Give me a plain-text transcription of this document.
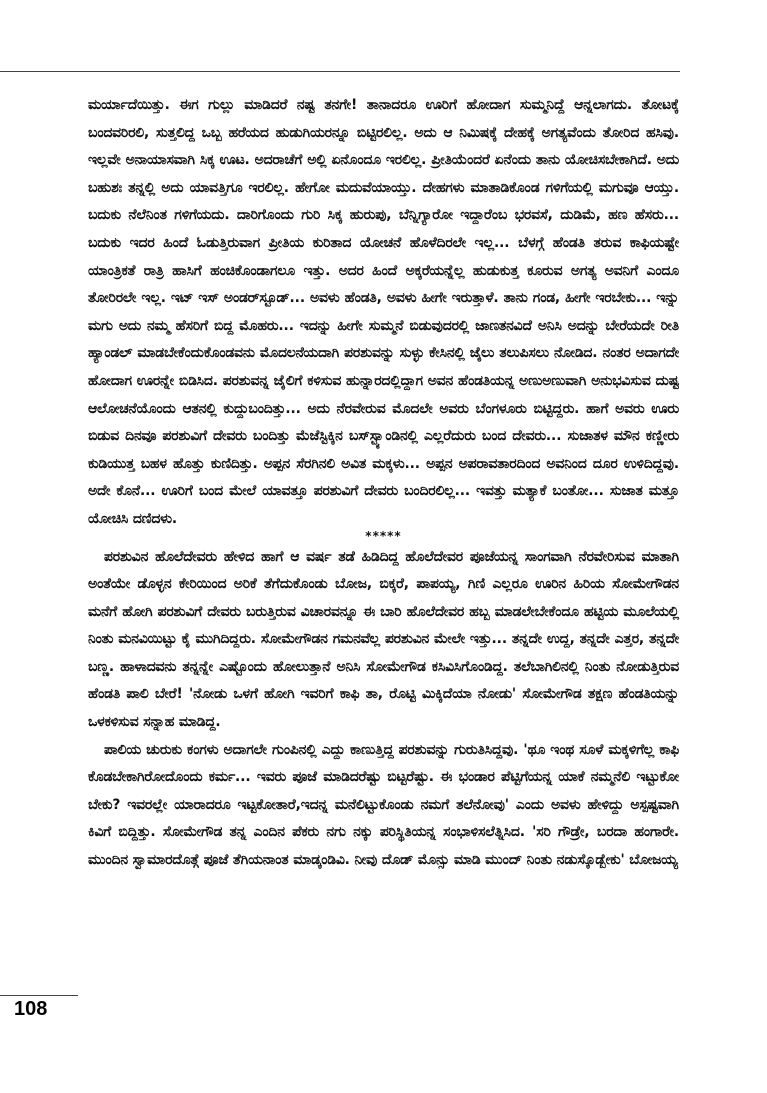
ಮರ್ಯಾದೆಯಿತ್ತು. ಈಗ ಗುಲ್ಲು ಮಾಡಿದರೆ ನಷ್ಟ ತನಗೇ! ತಾನಾದರೂ ಊರಿಗೆ ಹೋದಾಗ ಸುಮ್ಮನಿದ್ದೆ ಆನ್ನಲಾಗದು. ತೋಟಕ್ಕೆ ಬಂದವರಿರಲಿ, ಸುತ್ತಲಿದ್ದ ಒಬ್ಬ ಹರೆಯದ ಹುಡುಗಿಯರನ್ನೂ ಬಿಟ್ಟಿರಲಿಲ್ಲ. ಅದು ಆ ನಿಮಿಷಕ್ಕೆ ದೇಹಕ್ಕೆ ಅಗತ್ಯವೆಂದು ತೋರಿದ ಹಸಿವು. ಇಲ್ಲವೇ ಅನಾಯಾಸವಾಗಿ ಸಿಕ್ಕ ಊಟ. ಅದರಾಚೆಗೆ ಅಲ್ಲಿ ಏನೊಂದೂ ಇರಲಿಲ್ಲ. ಪ್ರೀತಿಯೆಂದರೆ ಏನೆಂದು ತಾನು ಯೋಚಿಸಬೇಕಾಗಿದೆ. ಅದು ಬಹುಶಃ ತನ್ನಲ್ಲಿ ಅದು ಯಾವತ್ತಿಗೂ ಇರಲಿಲ್ಲ. ಹೇಗೋ ಮದುವೆಯಾಯ್ತು. ದೇಹಗಳು ಮಾತಾಡಿಕೊಂಡ ಗಳಿಗೆಯಲ್ಲಿ ಮಗುವೂ ಆಯ್ತು. ಬದುಕು ನೆಲೆನಿಂತ ಗಳಿಗೆಯದು. ದಾರಿಗೊಂದು ಗುರಿ ಸಿಕ್ಕ ಹುರುಪು, ಬೆನ್ನಿಗ್ಯಾರೋ ಇದ್ದಾರೆಂಬ ಭರವಸೆ, ದುಡಿಮೆ, ಹಣ ಹೆಸರು... ಬದುಕು ಇದರ ಹಿಂದೆ ಓಡುತ್ತಿರುವಾಗ ಪ್ರೀತಿಯ ಕುರಿತಾದ ಯೋಚನೆ ಹೊಳೆದಿರಲೇ ಇಲ್ಲ... ಬೆಳಗ್ಗೆ ಹೆಂಡತಿ ತರುವ ಕಾಫಿಯಷ್ಟೇ ಯಾಂತ್ರಿಕತೆ ರಾತ್ರಿ ಹಾಸಿಗೆ ಹಂಚಿಕೊಂಡಾಗಲೂ ಇತ್ತು. ಅದರ ಹಿಂದೆ ಅಕ್ಕರೆಯನ್ನೆಲ್ಲ ಹುಡುಕುತ್ತ ಕೂರುವ ಅಗತ್ಯ ಅವನಿಗೆ ಎಂದೂ ತೋರಿರಲೇ ಇಲ್ಲ. ಇಟ್ ಇಸ್ ಅಂಡರ್‌ಸ್ಟೂಡ್... ಅವಳು ಹೆಂಡತಿ, ಅವಳು ಹೀಗೇ ಇರುತ್ತಾಳೆ. ತಾನು ಗಂಡ, ಹೀಗೇ ಇರಬೇಕು... ಇನ್ನು ಮಗು ಅದು ನಮ್ಮ ಹೆಸರಿಗೆ ಬಿದ್ದ ಮೊಹರು... ಇದನ್ನು ಹೀಗೇ ಸುಮ್ಮನೆ ಬಿಡುವುದರಲ್ಲಿ ಜಾಣತನವಿದೆ ಅನಿಸಿ ಅದನ್ನು ಬೇರೆಯದೇ ರೀತಿ ಹ್ಯಾಂಡಲ್ ಮಾಡಬೇಕೆಂದುಕೊಂಡವನು ಮೊದಲನೆಯದಾಗಿ ಪರಶುವನ್ನು ಸುಳ್ಳು ಕೇಸಿನಲ್ಲಿ ಜೈಲು ತಲುಪಿಸಲು ನೋಡಿದ. ನಂತರ ಅದಾಗದೇ ಹೋದಾಗ ಊರನ್ನೇ ಬಿಡಿಸಿದ. ಪರಶುವನ್ನ ಜೈಲಿಗೆ ಕಳಿಸುವ ಹುನ್ನಾರದಲ್ಲಿದ್ದಾಗ ಅವನ ಹೆಂಡತಿಯನ್ನ ಅಣುಅಣುವಾಗಿ ಅನುಭವಿಸುವ ದುಷ್ಟ ಆಲೋಚನೆಯೊಂದು ಆತನಲ್ಲಿ ಕುದ್ದುಬಂದಿತ್ತು... ಅದು ನೆರವೇರುವ ಮೊದಲೇ ಅವರು ಬೆಂಗಳೂರು ಬಿಟ್ಟಿದ್ದರು. ಹಾಗೆ ಅವರು ಊರು ಬಿಡುವ ದಿನವೂ ಪರಶುವಿಗೆ ದೇವರು ಬಂದಿತ್ತು ಮೆಜೆಸ್ಟಿಕ್ಕಿನ ಬಸ್‌ಸ್ಟ್ಯಾಂಡಿನಲ್ಲಿ ಎಲ್ಲರೆದುರು ಬಂದ ದೇವರು... ಸುಜಾತಳ ಮೌನ ಕಣ್ಣೀರು ಕುಡಿಯುತ್ತ ಬಹಳ ಹೊತ್ತು ಕುಣಿದಿತ್ತು. ಅಪ್ಪನ ಸೆರಗಿನಲಿ ಅವಿತ ಮಕ್ಕಳು... ಅಪ್ಪನ ಅಪರಾವತಾರದಿಂದ ಅವನಿಂದ ದೂರ ಉಳಿದಿದ್ದವು. ಅದೇ ಕೊನೆ... ಊರಿಗೆ ಬಂದ ಮೇಲೆ ಯಾವತ್ತೂ ಪರಶುವಿಗೆ ದೇವರು ಬಂದಿರಲಿಲ್ಲ... ಇವತ್ತು ಮತ್ಯಾಕೆ ಬಂತೋ... ಸುಜಾತ ಮತ್ತೂ ಯೋಚಿಸಿ ದಣಿದಳು.

*****

ಪರಶುವಿನ ಹೊಲೆದೇವರು ಹೇಳಿದ ಹಾಗೆ ಆ ವರ್ಷ ತಡೆ ಹಿಡಿದಿದ್ದ ಹೊಲೆದೇವರ ಪೂಜೆಯನ್ನ ಸಾಂಗವಾಗಿ ನೆರವೇರಿಸುವ ಮಾತಾಗಿ ಅಂತೆಯೇ ಡೊಳ್ಳನ ಕೇರಿಯಿಂದ ಅರಿಕೆ ತೆಗೆದುಕೊಂಡು ಬೋಜ, ಬಿಕ್ಕರೆ, ಪಾಪಯ್ಯ, ಗಿಣಿ ಎಲ್ಲರೂ ಊರಿನ ಹಿರಿಯ ಸೋಮೇಗೌಡನ ಮನೆಗೆ ಹೋಗಿ ಪರಶುವಿಗೆ ದೇವರು ಬರುತ್ತಿರುವ ವಿಚಾರವನ್ನೂ ಈ ಬಾರಿ ಹೊಲೆದೇವರ ಹಬ್ಬ ಮಾಡಲೇಬೇಕೆಂದೂ ಹಟ್ಟಿಯ ಮೂಲೆಯಲ್ಲಿ ನಿಂತು ಮನವಿಯಿಟ್ಟು ಕೈ ಮುಗಿದಿದ್ದರು. ಸೋಮೇಗೌಡನ ಗಮನವೆಲ್ಲ ಪರಶುವಿನ ಮೇಲೇ ಇತ್ತು... ತನ್ನದೇ ಉದ್ದ, ತನ್ನದೇ ಎತ್ತರ, ತನ್ನದೇ ಬಣ್ಣ. ಹಾಳಾದವನು ತನ್ನನ್ನೇ ಎಷ್ಟೊಂದು ಹೋಲುತ್ತಾನೆ ಅನಿಸಿ ಸೋಮೇಗೌಡ ಕಸಿವಿಸಿಗೊಂಡಿದ್ದ. ತಲೆಬಾಗಿಲಿನಲ್ಲಿ ನಿಂತು ನೋಡುತ್ತಿರುವ ಹೆಂಡತಿ ಪಾಲಿ ಬೇರೆ! 'ನೋಡು ಒಳಗೆ ಹೋಗಿ ಇವರಿಗೆ ಕಾಫಿ ತಾ, ರೊಟ್ಟಿ ಮಿಕ್ಕಿದೆಯಾ ನೋಡು' ಸೋಮೇಗೌಡ ತಕ್ಷಣ ಹೆಂಡತಿಯನ್ನು ಒಳಕಳಿಸುವ ಸನ್ನಾಹ ಮಾಡಿದ್ದ.

ಪಾಲಿಯ ಚುರುಕು ಕಂಗಳು ಅದಾಗಲೇ ಗುಂಪಿನಲ್ಲಿ ಎದ್ದು ಕಾಣುತ್ತಿದ್ದ ಪರಶುವನ್ನು ಗುರುತಿಸಿದ್ದವು. 'ಥೂ ಇಂಥ ಸೂಳೆ ಮಕ್ಕಳಿಗೆಲ್ಲ ಕಾಫಿ ಕೊಡಬೇಕಾಗಿರೋದೊಂದು ಕರ್ಮ... ಇವರು ಪೂಜೆ ಮಾಡಿದರೆಷ್ಟು ಬಿಟ್ಟರೆಷ್ಟು. ಈ ಭಂಡಾರ ಪೆಟ್ಟಿಗೆಯನ್ನ ಯಾಕೆ ನಮ್ಮನೆಲಿ ಇಟ್ಟುಕೋ ಬೇಕು? ಇವರಲ್ಲೇ ಯಾರಾದರೂ ಇಟ್ಟಕೋತಾರೆ,ಇದನ್ನ ಮನೆಲಿಟ್ಟುಕೊಂಡು ನಮಗೆ ತಲೆನೋವು' ಎಂದು ಅವಳು ಹೇಳಿದ್ದು ಅಸ್ಪಷ್ಟವಾಗಿ ಕಿವಿಗೆ ಬಿದ್ದಿತ್ತು. ಸೋಮೇಗೌಡ ತನ್ನ ಎಂದಿನ ಪೆಕರು ನಗು ನಕ್ಕು ಪರಿಸ್ಥಿತಿಯನ್ನ ಸಂಭಾಳಿಸಲೆತ್ನಿಸಿದ. 'ಸರಿ ಗೌಡ್ರೇ, ಬರದಾ ಹಂಗಾರೇ. ಮುಂದಿನ ಸ್ವಾಮಾರದೊತ್ಗೆ ಪೂಜೆ ತೆಗಿಯನಾಂತ ಮಾಡ್ಕಂಡಿವಿ. ನೀವು ದೊಡ್ ಮೊನ್ಸು ಮಾಡಿ ಮುಂದ್ ನಿಂತು ನಡುಸ್ಕೊಡ್ಬೇಕು' ಬೋಜಯ್ಯ

108
